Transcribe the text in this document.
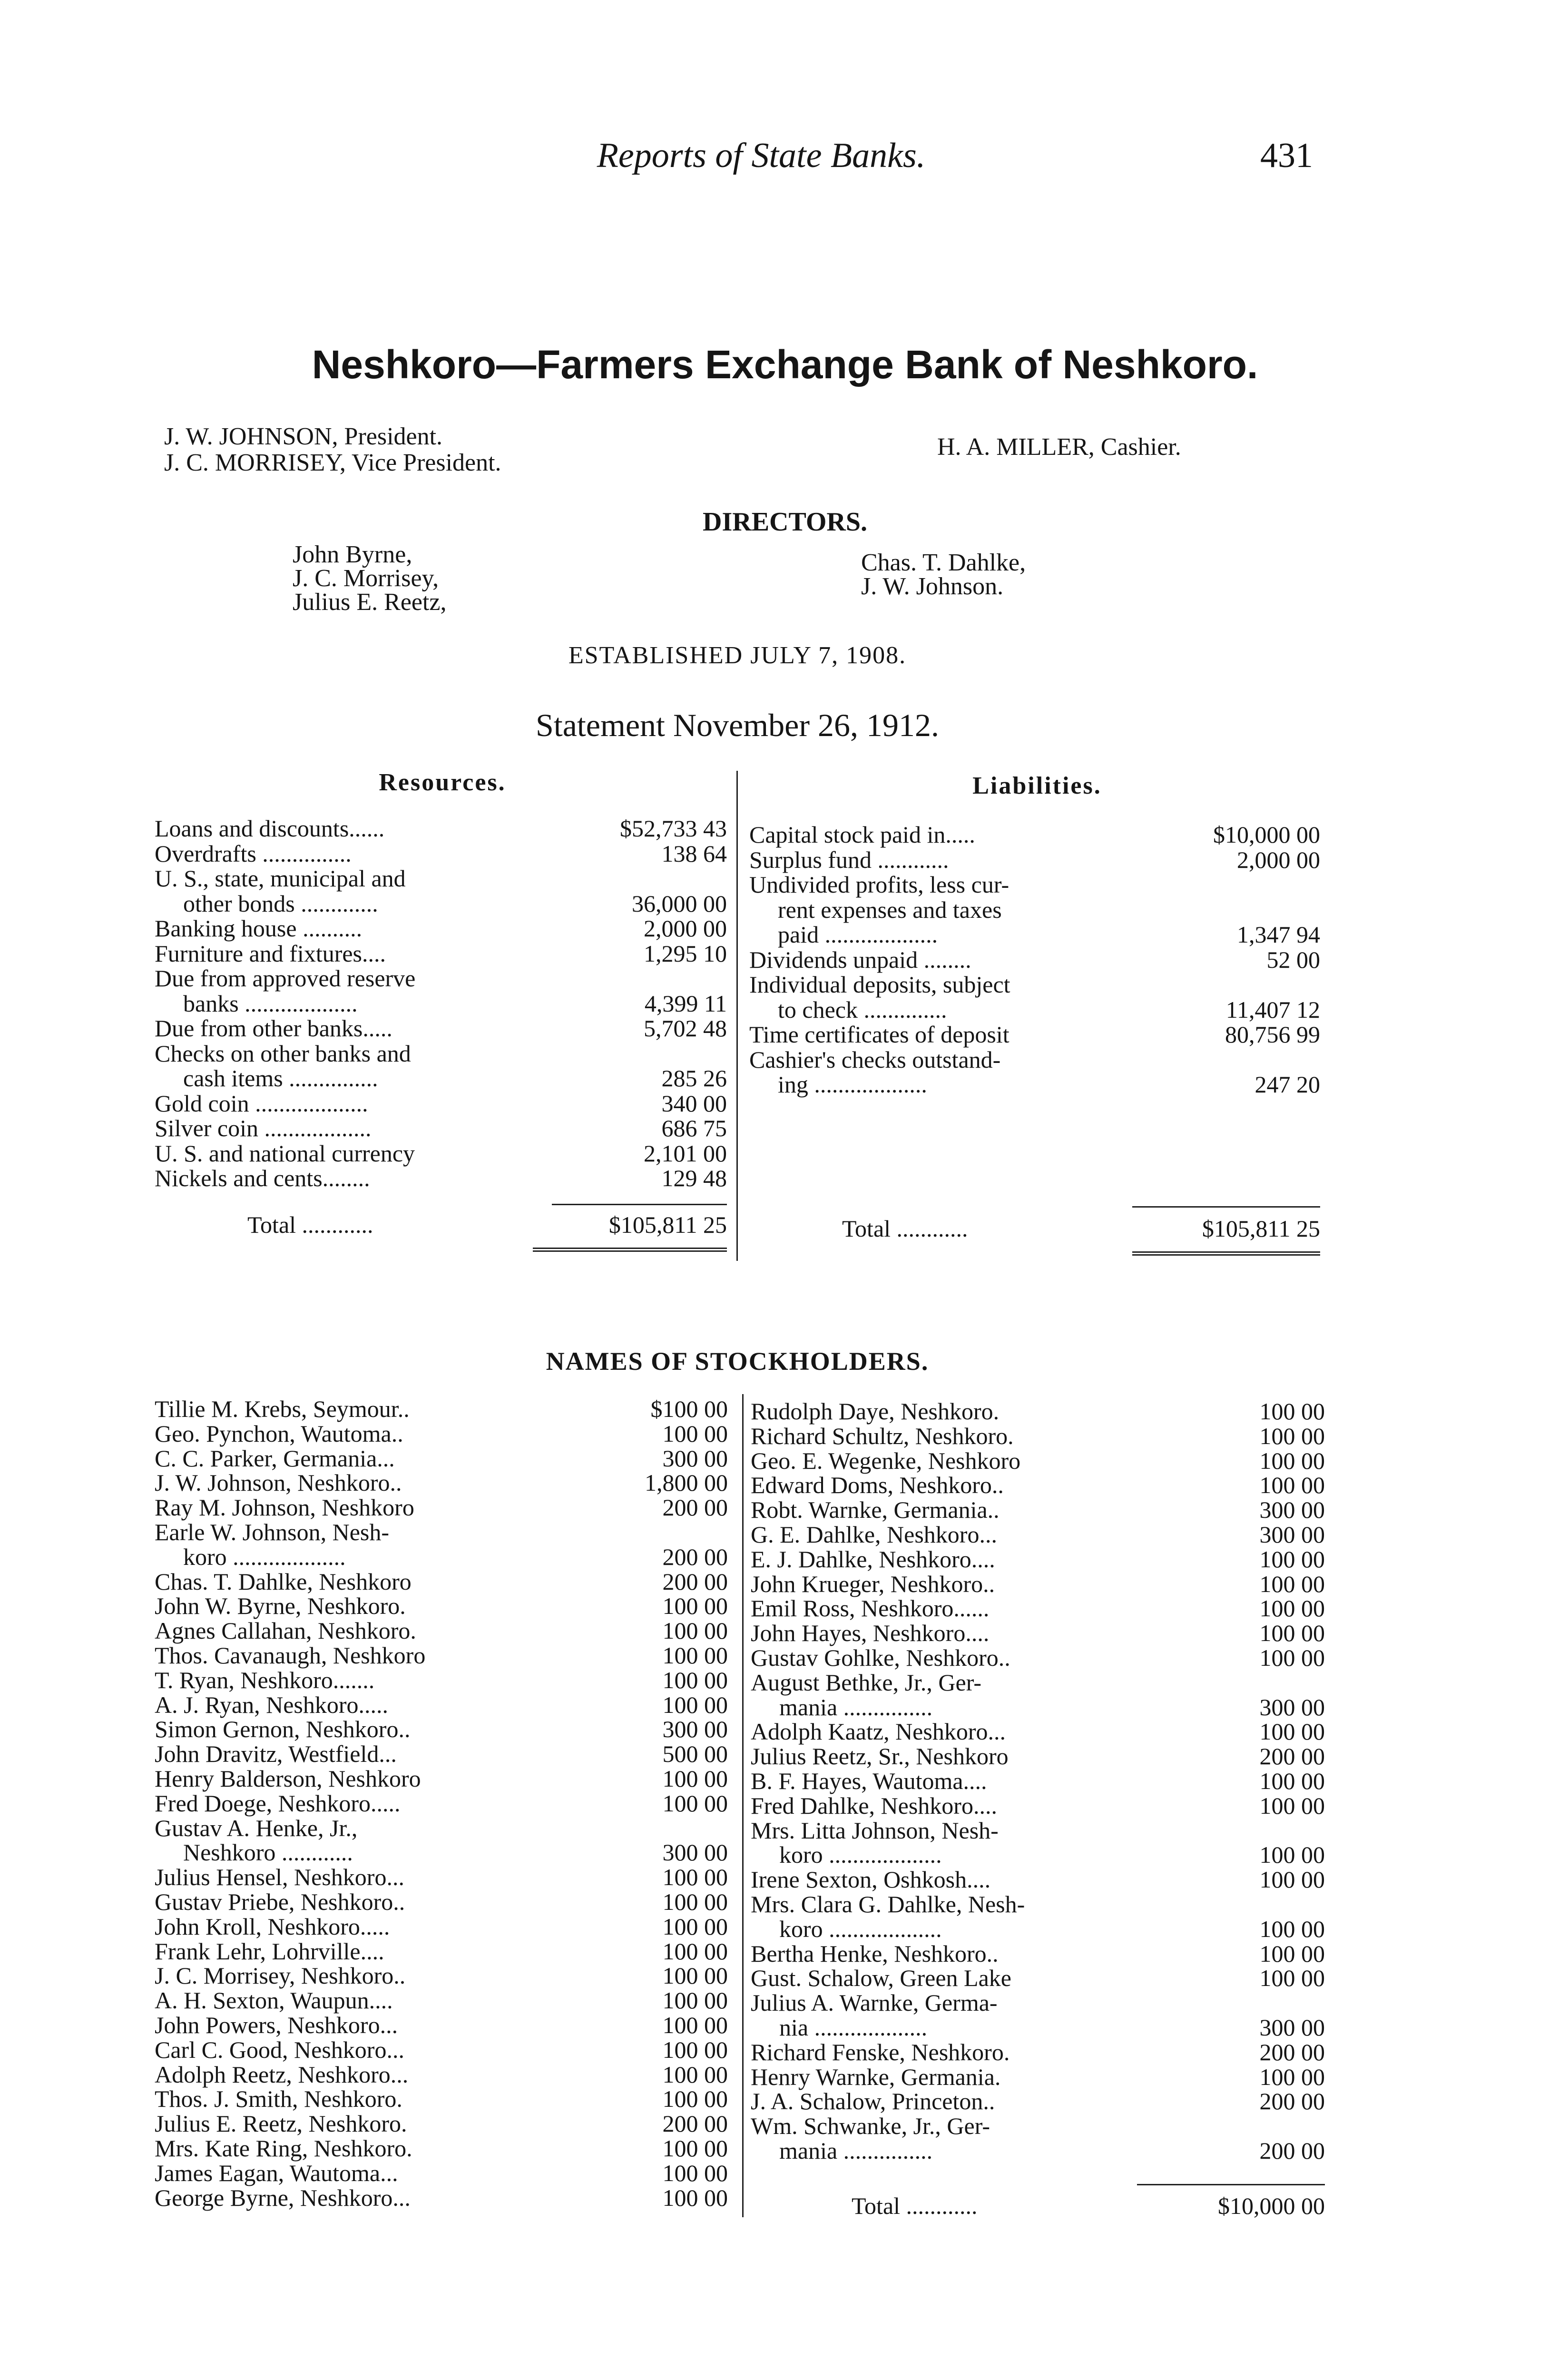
Reports of State Banks.	431
Neshkoro—Farmers Exchange Bank of Neshkoro.
J. W. JOHNSON, President.
J. C. MORRISEY, Vice President.
H. A. MILLER, Cashier.
DIRECTORS.
John Byrne,
J. C. Morrisey,
Julius E. Reetz,
Chas. T. Dahlke,
J. W. Johnson.
ESTABLISHED JULY 7, 1908.
Statement November 26, 1912.
Resources.	Liabilities.
Loans and discounts......	$52,733 43
Overdrafts ...............	138 64
U. S., state, municipal and
other bonds .............	36,000 00
Banking house ..........	2,000 00
Furniture and fixtures....	1,295 10
Due from approved reserve
banks ...................	4,399 11
Due from other banks.....	5,702 48
Checks on other banks and
cash items ...............	285 26
Gold coin ...................	340 00
Silver coin ..................	686 75
U. S. and national currency	2,101 00
Nickels and cents........	129 48
Capital stock paid in.....	$10,000 00
Surplus fund ............	2,000 00
Undivided profits, less cur-
rent expenses and taxes
paid ...................	1,347 94
Dividends unpaid ........	52 00
Individual deposits, subject
to check ..............	11,407 12
Time certificates of deposit	80,756 99
Cashier's checks outstand-
ing ...................	247 20
Total ............	$105,811 25	Total ............	$105,811 25
NAMES OF STOCKHOLDERS.
Tillie M. Krebs, Seymour..	$100 00
Geo. Pynchon, Wautoma..	100 00
C. C. Parker, Germania...	300 00
J. W. Johnson, Neshkoro..	1,800 00
Ray M. Johnson, Neshkoro	200 00
Earle W. Johnson, Nesh-
koro ...................	200 00
Chas. T. Dahlke, Neshkoro	200 00
John W. Byrne, Neshkoro.	100 00
Agnes Callahan, Neshkoro.	100 00
Thos. Cavanaugh, Neshkoro	100 00
T. Ryan, Neshkoro.......	100 00
A. J. Ryan, Neshkoro.....	100 00
Simon Gernon, Neshkoro..	300 00
John Dravitz, Westfield...	500 00
Henry Balderson, Neshkoro	100 00
Fred Doege, Neshkoro.....	100 00
Gustav A. Henke, Jr.,
Neshkoro ............	300 00
Julius Hensel, Neshkoro...	100 00
Gustav Priebe, Neshkoro..	100 00
John Kroll, Neshkoro.....	100 00
Frank Lehr, Lohrville....	100 00
J. C. Morrisey, Neshkoro..	100 00
A. H. Sexton, Waupun....	100 00
John Powers, Neshkoro...	100 00
Carl C. Good, Neshkoro...	100 00
Adolph Reetz, Neshkoro...	100 00
Thos. J. Smith, Neshkoro.	100 00
Julius E. Reetz, Neshkoro.	200 00
Mrs. Kate Ring, Neshkoro.	100 00
James Eagan, Wautoma...	100 00
George Byrne, Neshkoro...	100 00
Rudolph Daye, Neshkoro.	100 00
Richard Schultz, Neshkoro.	100 00
Geo. E. Wegenke, Neshkoro	100 00
Edward Doms, Neshkoro..	100 00
Robt. Warnke, Germania..	300 00
G. E. Dahlke, Neshkoro...	300 00
E. J. Dahlke, Neshkoro....	100 00
John Krueger, Neshkoro..	100 00
Emil Ross, Neshkoro......	100 00
John Hayes, Neshkoro....	100 00
Gustav Gohlke, Neshkoro..	100 00
August Bethke, Jr., Ger-
mania ...............	300 00
Adolph Kaatz, Neshkoro...	100 00
Julius Reetz, Sr., Neshkoro	200 00
B. F. Hayes, Wautoma....	100 00
Fred Dahlke, Neshkoro....	100 00
Mrs. Litta Johnson, Nesh-
koro ...................	100 00
Irene Sexton, Oshkosh....	100 00
Mrs. Clara G. Dahlke, Nesh-
koro ...................	100 00
Bertha Henke, Neshkoro..	100 00
Gust. Schalow, Green Lake	100 00
Julius A. Warnke, Germa-
nia ...................	300 00
Richard Fenske, Neshkoro.	200 00
Henry Warnke, Germania.	100 00
J. A. Schalow, Princeton..	200 00
Wm. Schwanke, Jr., Ger-
mania ...............	200 00
Total ............	$10,000 00
